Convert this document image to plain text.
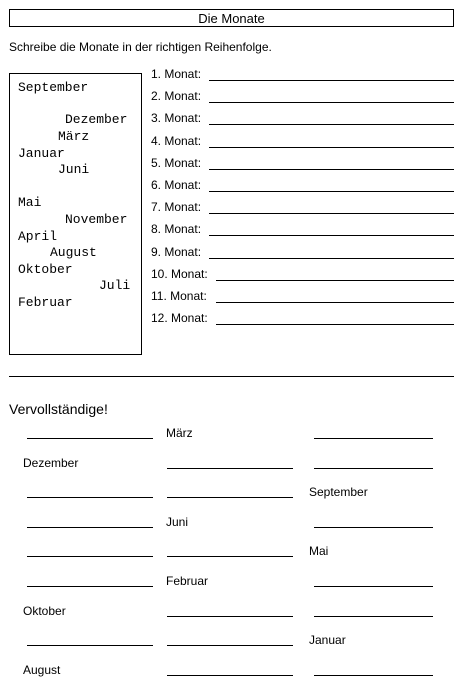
Die Monate
Schreibe die Monate in der richtigen Reihenfolge.
September
Dezember
März
Januar
Juni
Mai
November
April
August
Oktober
Juli
Februar
1. Monat:
2. Monat:
3. Monat:
4. Monat:
5. Monat:
6. Monat:
7. Monat:
8. Monat:
9. Monat:
10. Monat:
11. Monat:
12. Monat:
Vervollständige!
März
Dezember
September
Juni
Mai
Februar
Oktober
Januar
August
